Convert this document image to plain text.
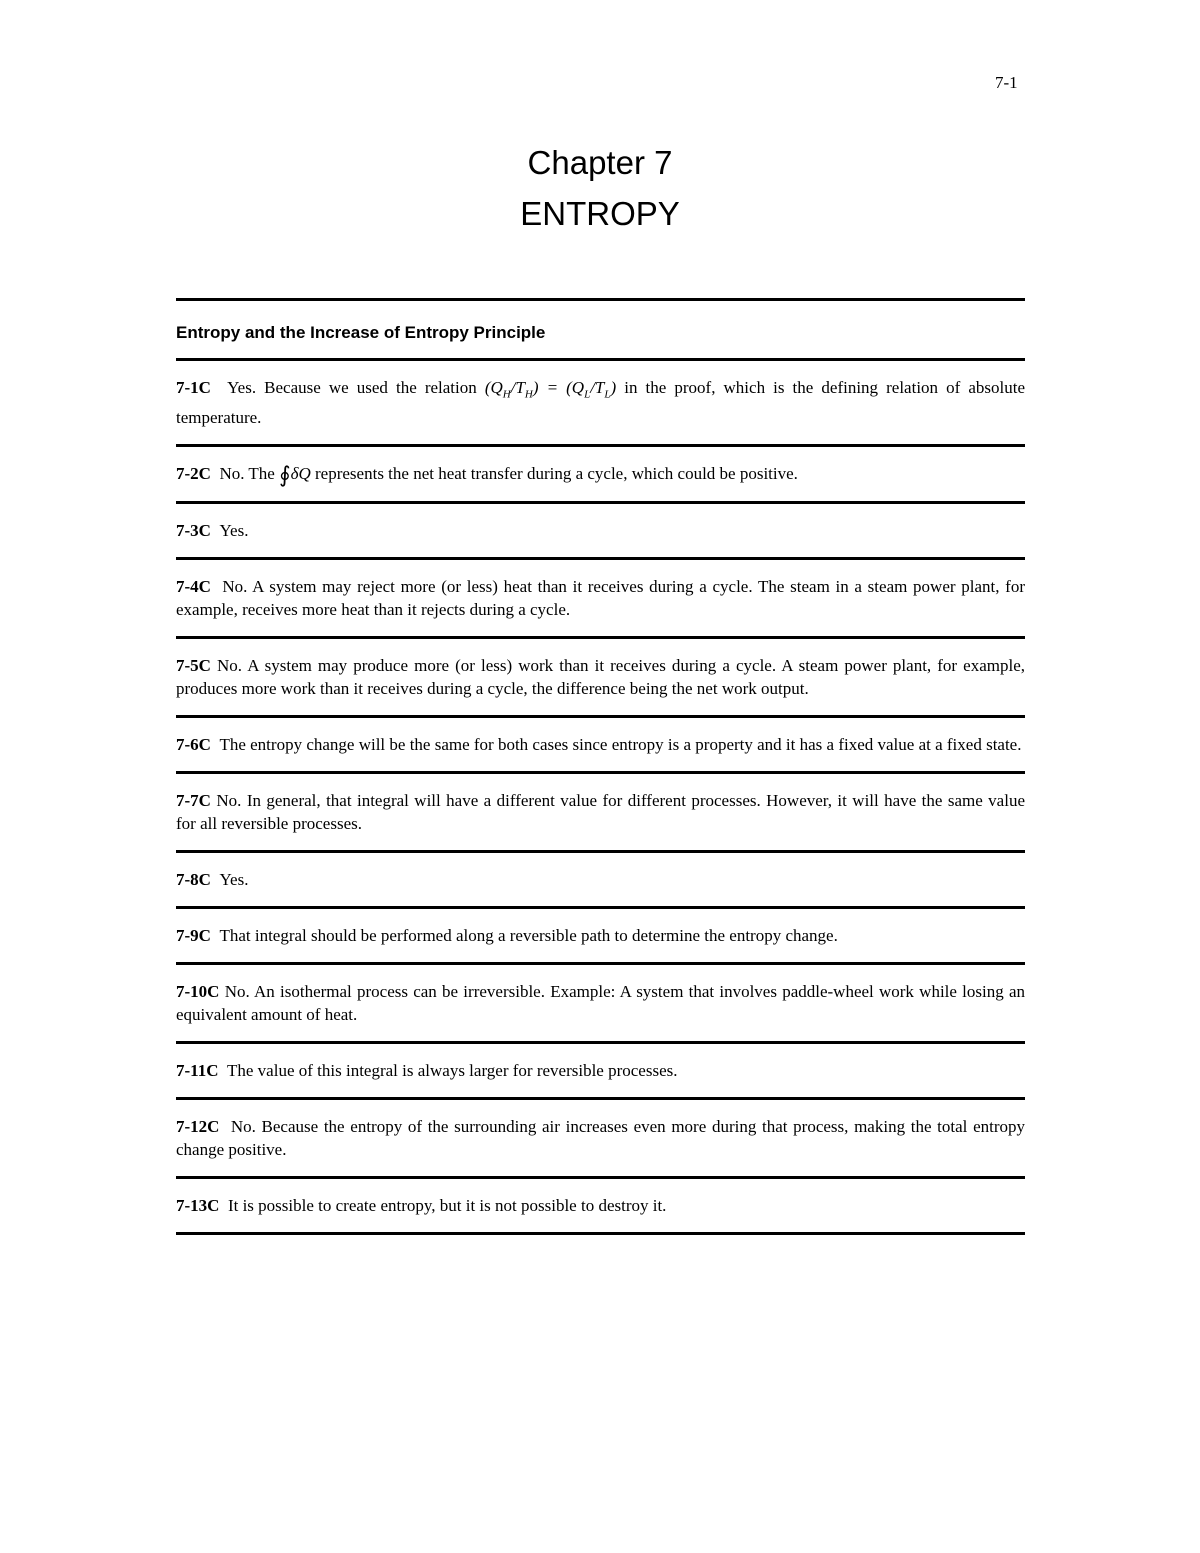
7-1
Chapter 7
ENTROPY
Entropy and the Increase of Entropy Principle
7-1C Yes. Because we used the relation $(Q_H/T_H) = (Q_L/T_L)$ in the proof, which is the defining relation of absolute temperature.
7-2C No. The ∮δQ represents the net heat transfer during a cycle, which could be positive.
7-3C Yes.
7-4C No. A system may reject more (or less) heat than it receives during a cycle. The steam in a steam power plant, for example, receives more heat than it rejects during a cycle.
7-5C No. A system may produce more (or less) work than it receives during a cycle. A steam power plant, for example, produces more work than it receives during a cycle, the difference being the net work output.
7-6C The entropy change will be the same for both cases since entropy is a property and it has a fixed value at a fixed state.
7-7C No. In general, that integral will have a different value for different processes. However, it will have the same value for all reversible processes.
7-8C Yes.
7-9C That integral should be performed along a reversible path to determine the entropy change.
7-10C No. An isothermal process can be irreversible. Example: A system that involves paddle-wheel work while losing an equivalent amount of heat.
7-11C The value of this integral is always larger for reversible processes.
7-12C No. Because the entropy of the surrounding air increases even more during that process, making the total entropy change positive.
7-13C It is possible to create entropy, but it is not possible to destroy it.
